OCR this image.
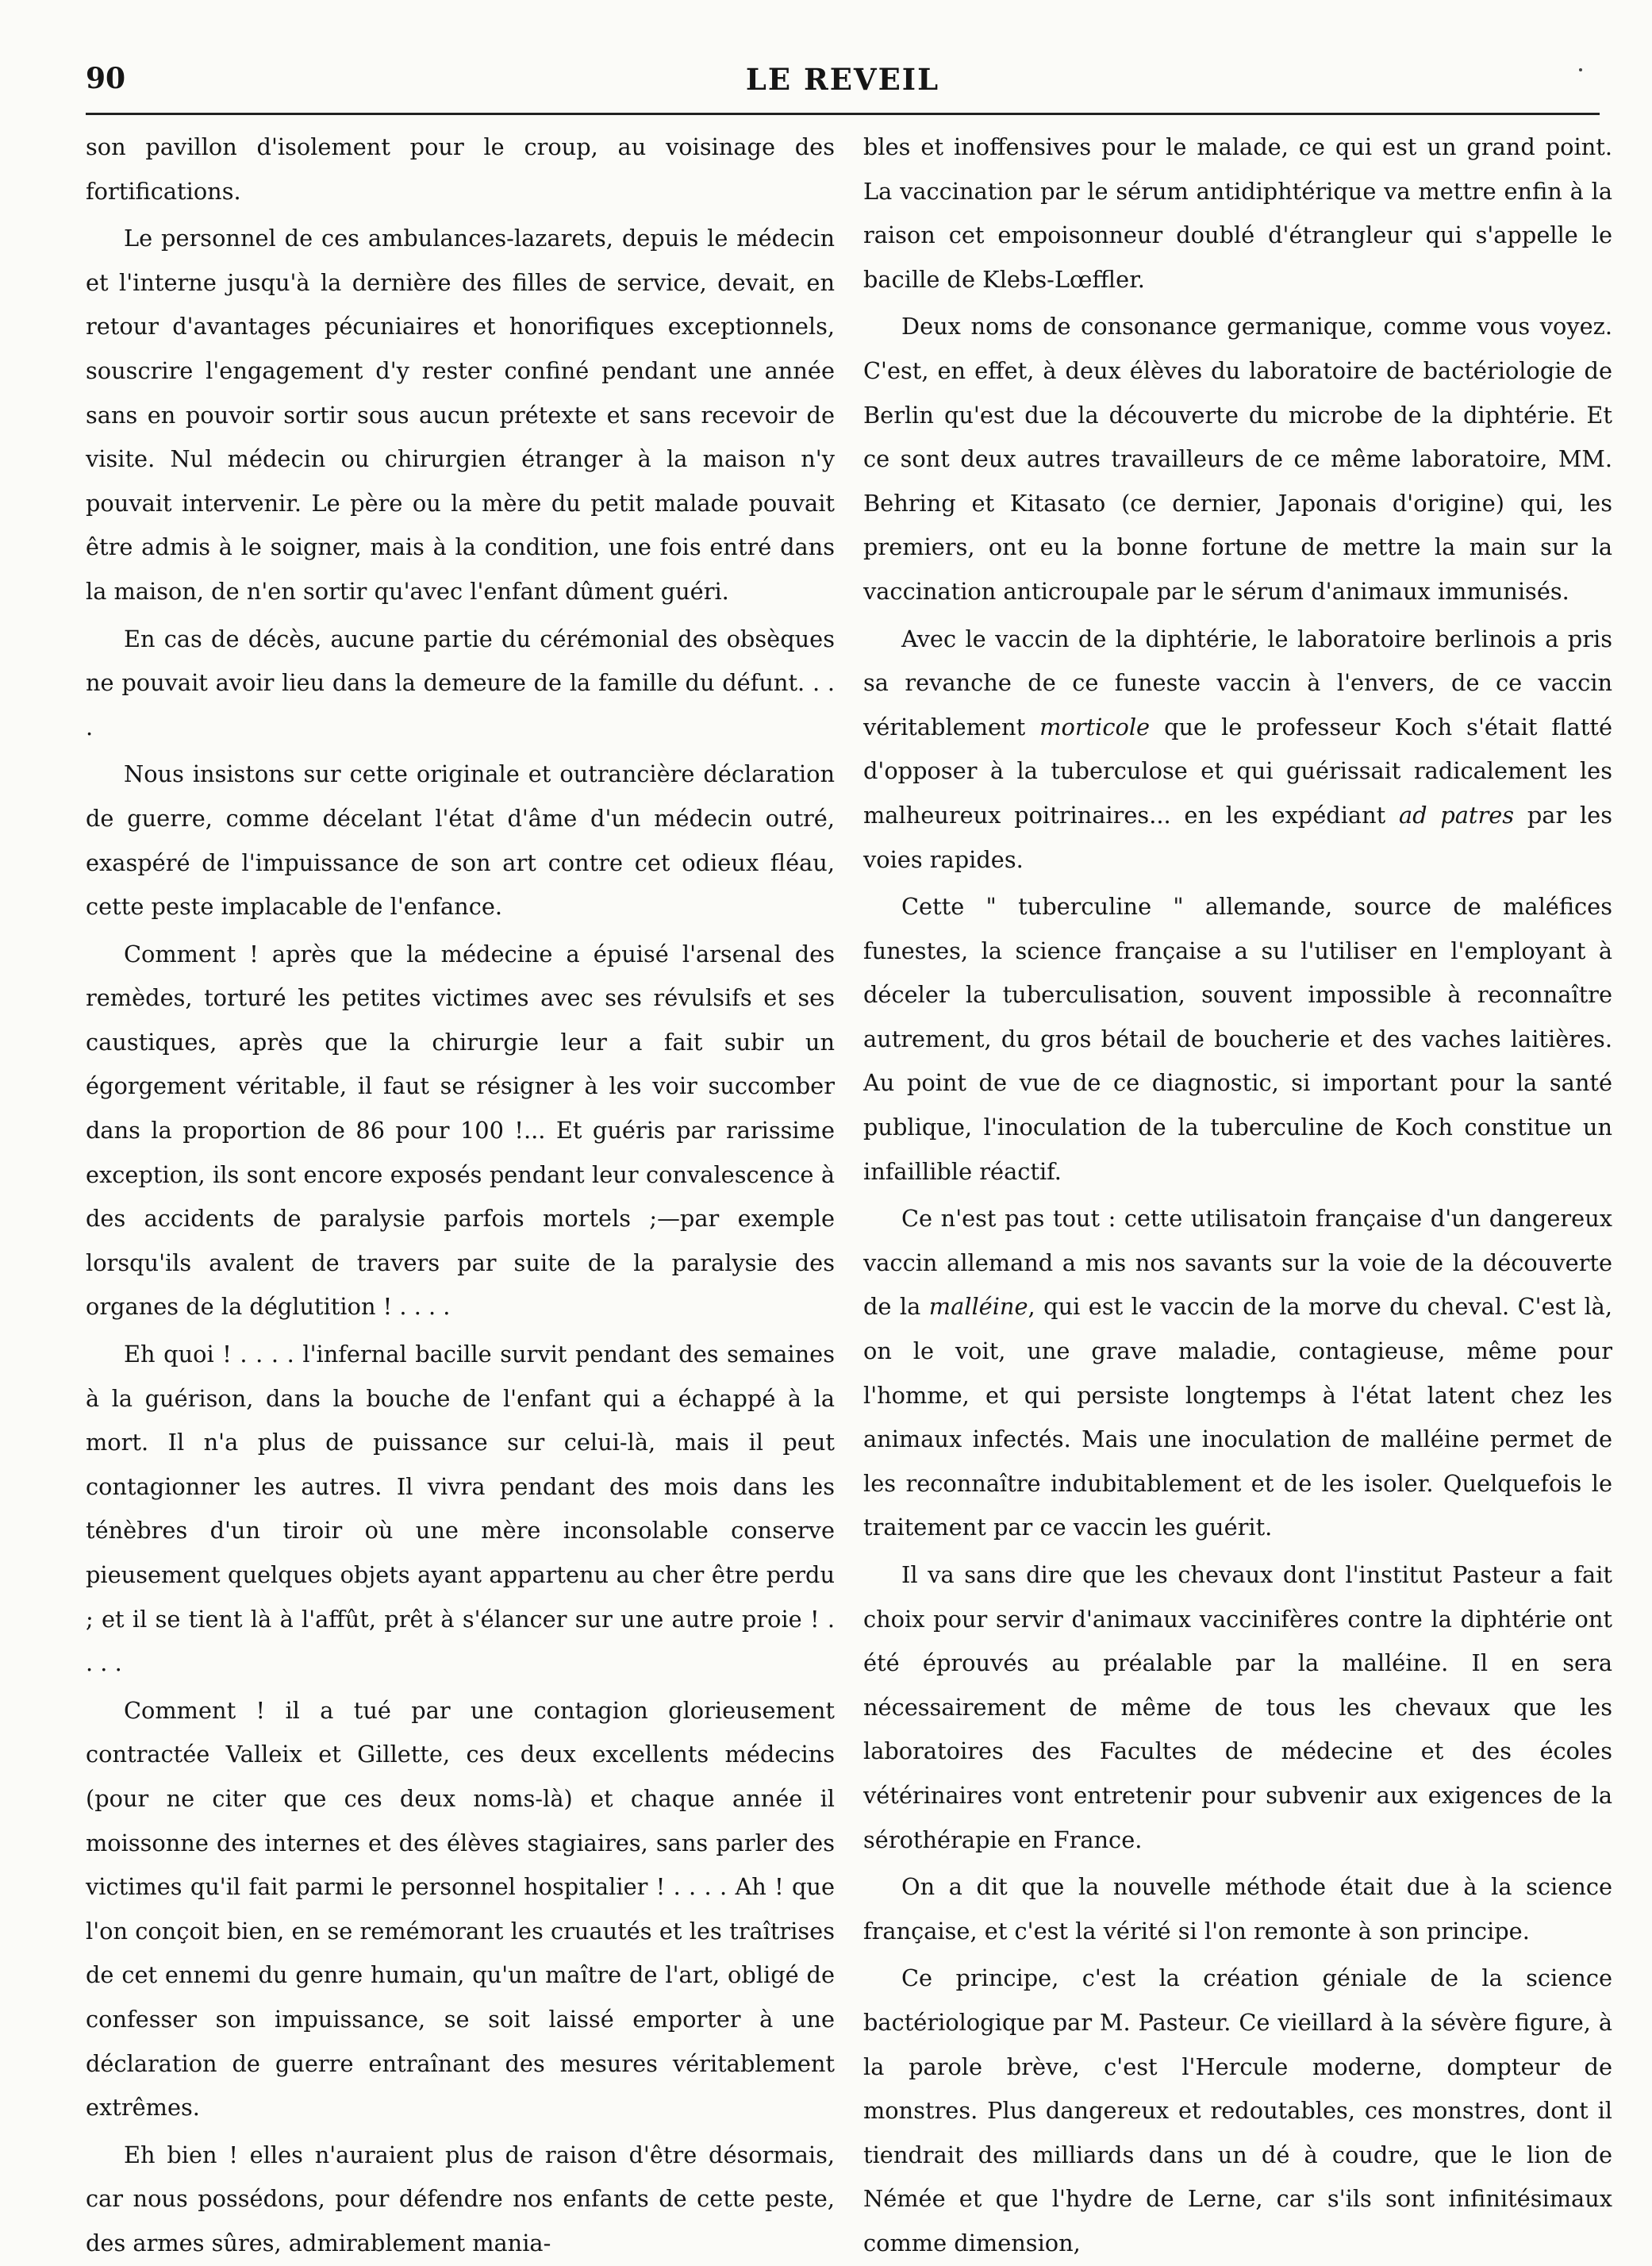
90	LE REVEIL

son pavillon d'isolement pour le croup, au voisinage des fortifications.

Le personnel de ces ambulances-lazarets, depuis le médecin et l'interne jusqu'à la dernière des filles de service, devait, en retour d'avantages pécuniaires et honorifiques exceptionnels, souscrire l'engagement d'y rester confiné pendant une année sans en pouvoir sortir sous aucun prétexte et sans recevoir de visite. Nul médecin ou chirurgien étranger à la maison n'y pouvait intervenir. Le père ou la mère du petit malade pouvait être admis à le soigner, mais à la condition, une fois entré dans la maison, de n'en sortir qu'avec l'enfant dûment guéri.

En cas de décès, aucune partie du cérémonial des obsèques ne pouvait avoir lieu dans la demeure de la famille du défunt. . . .

Nous insistons sur cette originale et outrancière déclaration de guerre, comme décelant l'état d'âme d'un médecin outré, exaspéré de l'impuissance de son art contre cet odieux fléau, cette peste implacable de l'enfance.

Comment ! après que la médecine a épuisé l'arsenal des remèdes, torturé les petites victimes avec ses révulsifs et ses caustiques, après que la chirurgie leur a fait subir un égorgement véritable, il faut se résigner à les voir succomber dans la proportion de 86 pour 100 !... Et guéris par rarissime exception, ils sont encore exposés pendant leur convalescence à des accidents de paralysie parfois mortels ;—par exemple lorsqu'ils avalent de travers par suite de la paralysie des organes de la déglutition ! . . . .

Eh quoi ! . . . . l'infernal bacille survit pendant des semaines à la guérison, dans la bouche de l'enfant qui a échappé à la mort. Il n'a plus de puissance sur celui-là, mais il peut contagionner les autres. Il vivra pendant des mois dans les ténèbres d'un tiroir où une mère inconsolable conserve pieusement quelques objets ayant appartenu au cher être perdu ; et il se tient là à l'affût, prêt à s'élancer sur une autre proie ! . . . .

Comment ! il a tué par une contagion glorieusement contractée Valleix et Gillette, ces deux excellents médecins (pour ne citer que ces deux noms-là) et chaque année il moissonne des internes et des élèves stagiaires, sans parler des victimes qu'il fait parmi le personnel hospitalier ! . . . . Ah ! que l'on conçoit bien, en se remémorant les cruautés et les traîtrises de cet ennemi du genre humain, qu'un maître de l'art, obligé de confesser son impuissance, se soit laissé emporter à une déclaration de guerre entraînant des mesures véritablement extrêmes.

Eh bien ! elles n'auraient plus de raison d'être désormais, car nous possédons, pour défendre nos enfants de cette peste, des armes sûres, admirablement mania-

bles et inoffensives pour le malade, ce qui est un grand point. La vaccination par le sérum antidiphtérique va mettre enfin à la raison cet empoisonneur doublé d'étrangleur qui s'appelle le bacille de Klebs-Lœffler.

Deux noms de consonance germanique, comme vous voyez. C'est, en effet, à deux élèves du laboratoire de bactériologie de Berlin qu'est due la découverte du microbe de la diphtérie. Et ce sont deux autres travailleurs de ce même laboratoire, MM. Behring et Kitasato (ce dernier, Japonais d'origine) qui, les premiers, ont eu la bonne fortune de mettre la main sur la vaccination anticroupale par le sérum d'animaux immunisés.

Avec le vaccin de la diphtérie, le laboratoire berlinois a pris sa revanche de ce funeste vaccin à l'envers, de ce vaccin véritablement morticole que le professeur Koch s'était flatté d'opposer à la tuberculose et qui guérissait radicalement les malheureux poitrinaires... en les expédiant ad patres par les voies rapides.

Cette " tuberculine " allemande, source de maléfices funestes, la science française a su l'utiliser en l'employant à déceler la tuberculisation, souvent impossible à reconnaître autrement, du gros bétail de boucherie et des vaches laitières. Au point de vue de ce diagnostic, si important pour la santé publique, l'inoculation de la tuberculine de Koch constitue un infaillible réactif.

Ce n'est pas tout : cette utilisatoin française d'un dangereux vaccin allemand a mis nos savants sur la voie de la découverte de la malléine, qui est le vaccin de la morve du cheval. C'est là, on le voit, une grave maladie, contagieuse, même pour l'homme, et qui persiste longtemps à l'état latent chez les animaux infectés. Mais une inoculation de malléine permet de les reconnaître indubitablement et de les isoler. Quelquefois le traitement par ce vaccin les guérit.

Il va sans dire que les chevaux dont l'institut Pasteur a fait choix pour servir d'animaux vaccinifères contre la diphtérie ont été éprouvés au préalable par la malléine. Il en sera nécessairement de même de tous les chevaux que les laboratoires des Facultes de médecine et des écoles vétérinaires vont entretenir pour subvenir aux exigences de la sérothérapie en France.

On a dit que la nouvelle méthode était due à la science française, et c'est la vérité si l'on remonte à son principe.

Ce principe, c'est la création géniale de la science bactériologique par M. Pasteur. Ce vieillard à la sévère figure, à la parole brève, c'est l'Hercule moderne, dompteur de monstres. Plus dangereux et redoutables, ces monstres, dont il tiendrait des milliards dans un dé à coudre, que le lion de Némée et que l'hydre de Lerne, car s'ils sont infinitésimaux comme dimension,
